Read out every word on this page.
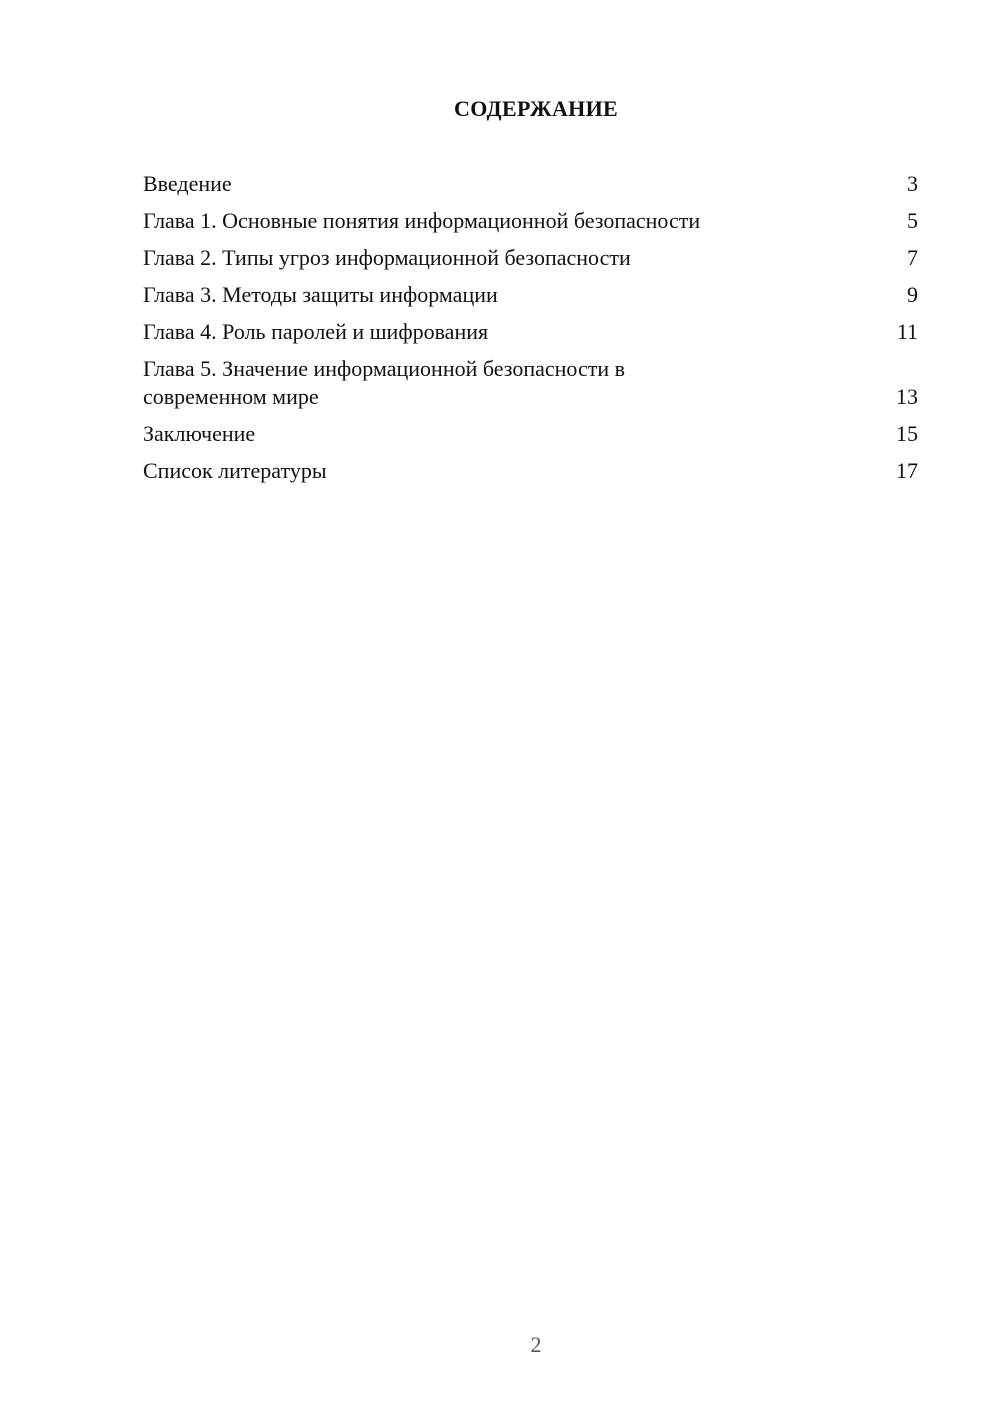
СОДЕРЖАНИЕ
Введение	3
Глава 1. Основные понятия информационной безопасности	5
Глава 2. Типы угроз информационной безопасности	7
Глава 3. Методы защиты информации	9
Глава 4. Роль паролей и шифрования	11
Глава 5. Значение информационной безопасности в современном мире	13
Заключение	15
Список литературы	17
2
